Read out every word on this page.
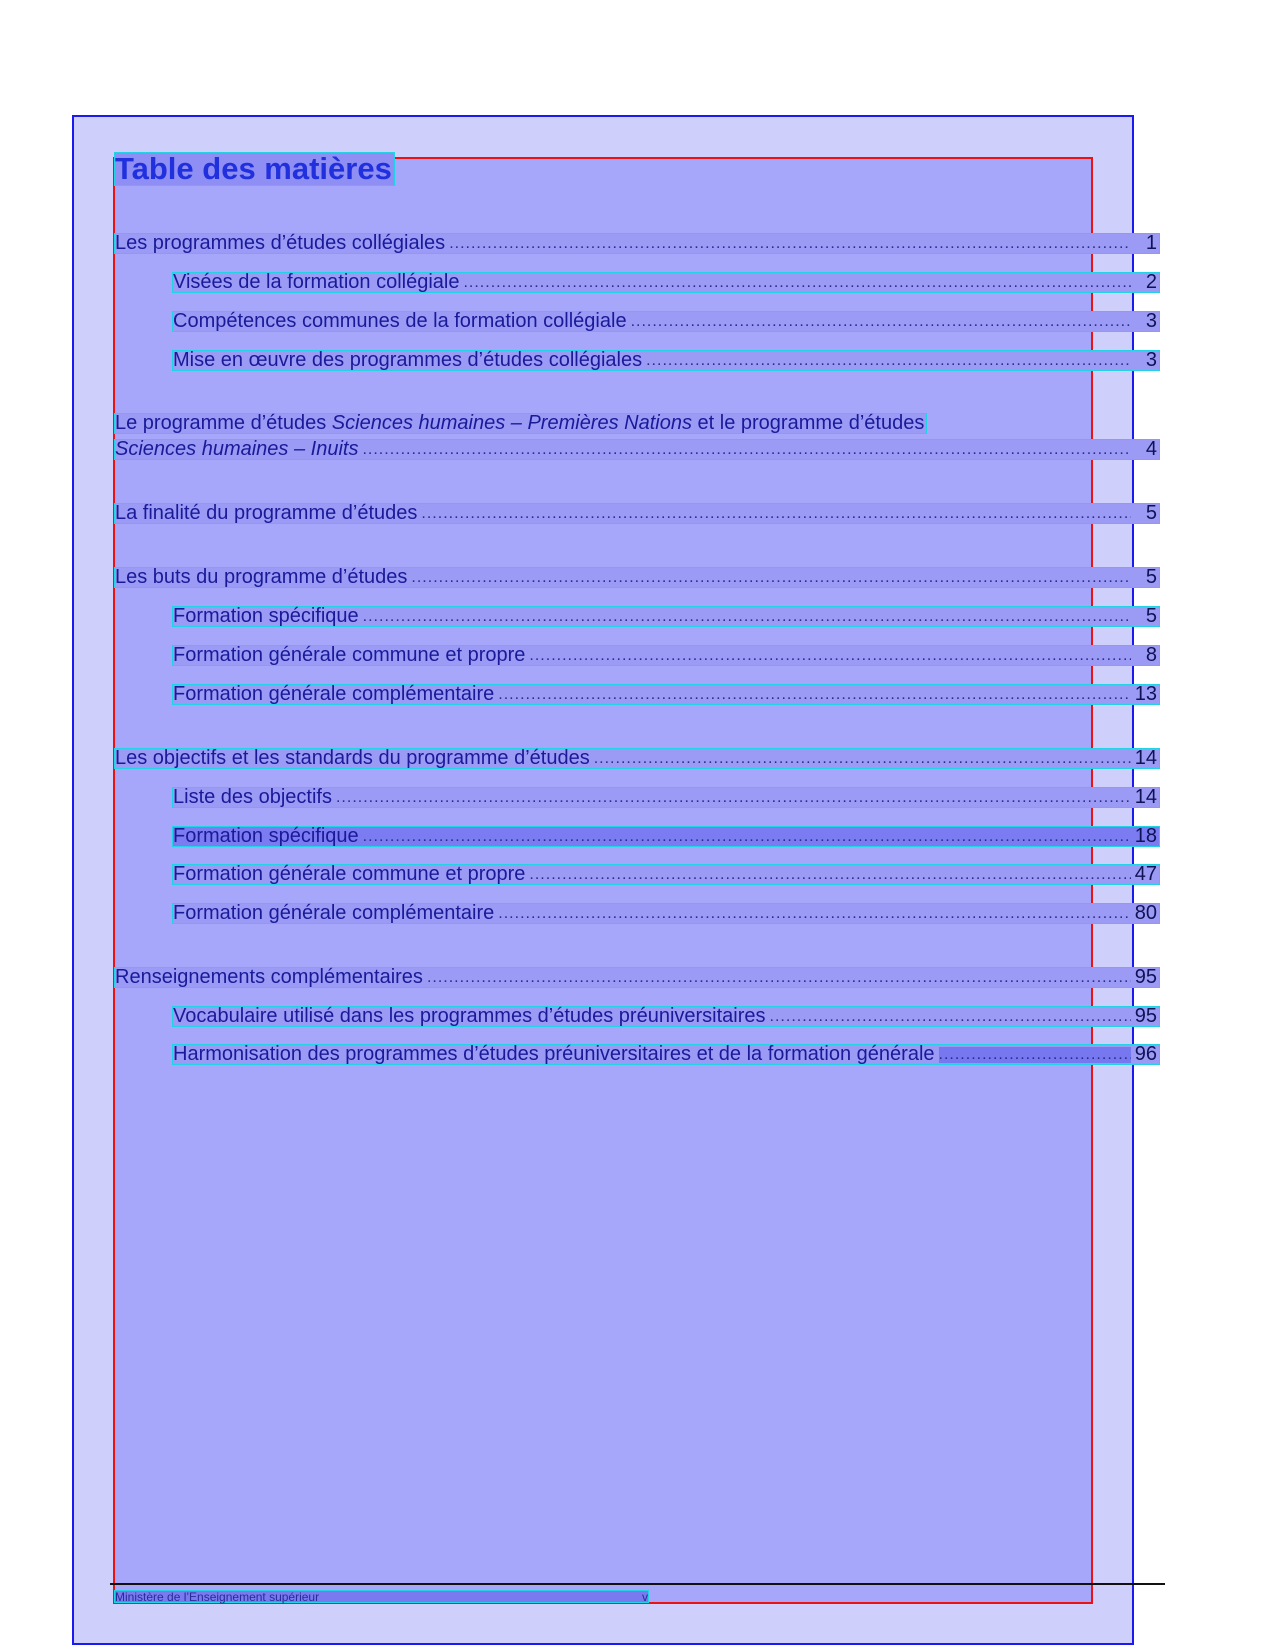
Table des matières
Les programmes d’études collégiales .....	1
Visées de la formation collégiale .....	2
Compétences communes de la formation collégiale .....	3
Mise en œuvre des programmes d’études collégiales .....	3
Le programme d’études Sciences humaines – Premières Nations et le programme d’études
Sciences humaines – Inuits .....	4
La finalité du programme d’études .....	5
Les buts du programme d’études .....	5
Formation spécifique .....	5
Formation générale commune et propre .....	8
Formation générale complémentaire .....	13
Les objectifs et les standards du programme d’études .....	14
Liste des objectifs .....	14
Formation spécifique .....	18
Formation générale commune et propre .....	47
Formation générale complémentaire .....	80
Renseignements complémentaires .....	95
Vocabulaire utilisé dans les programmes d’études préuniversitaires .....	95
Harmonisation des programmes d’études préuniversitaires et de la formation générale .....	96
Ministère de l’Enseignement supérieur	v
